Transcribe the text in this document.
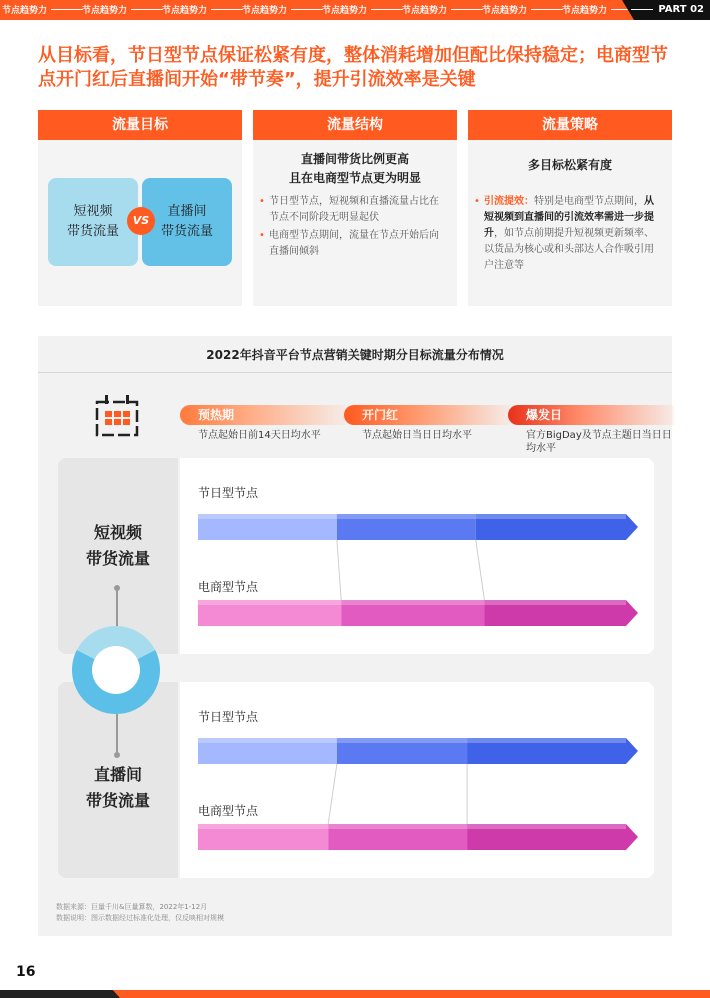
节点趋势力	节点趋势力	节点趋势力	节点趋势力	节点趋势力	节点趋势力	节点趋势力	节点趋势力	PART 02
从目标看，节日型节点保证松紧有度，整体消耗增加但配比保持稳定；电商型节点开门红后直播间开始“带节奏”，提升引流效率是关键
流量目标
短视频
带货流量
直播间
带货流量
VS
流量结构
直播间带货比例更高
且在电商型节点更为明显
• 节日型节点，短视频和直播流量占比在节点不同阶段无明显起伏
• 电商型节点期间，流量在节点开始后向直播间倾斜
流量策略
多目标松紧有度
• 引流提效：特别是电商型节点期间，从短视频到直播间的引流效率需进一步提升，如节点前期提升短视频更新频率、以货品为核心或和头部达人合作吸引用户注意等
2022年抖音平台节点营销关键时期分目标流量分布情况
预热期	开门红	爆发日
节点起始日前14天日均水平	节点起始日当日日均水平	官方BigDay及节点主题日当日日均水平
短视频
带货流量
直播间
带货流量
节日型节点
电商型节点
节日型节点
电商型节点
数据来源：巨量千川&巨量算数，2022年1-12月
数据说明：图示数据经过标准化处理，仅反映相对规模
16
